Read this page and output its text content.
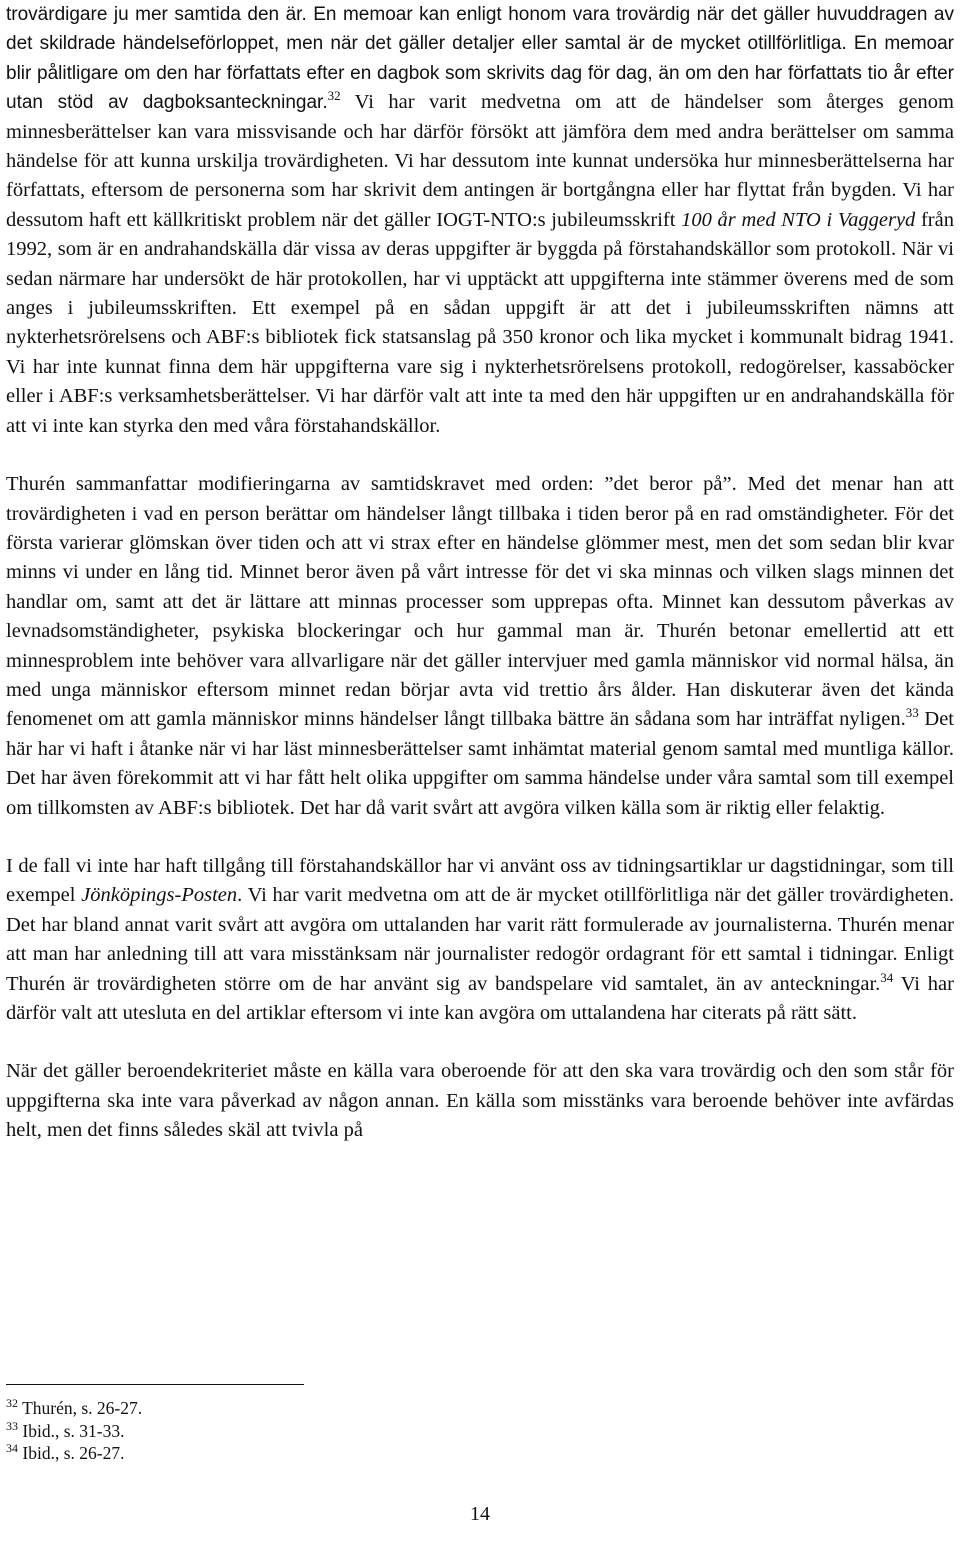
trovärdigare ju mer samtida den är. En memoar kan enligt honom vara trovärdig när det gäller huvuddragen av det skildrade händelseförloppet, men när det gäller detaljer eller samtal är de mycket otillförlitliga. En memoar blir pålitligare om den har författats efter en dagbok som skrivits dag för dag, än om den har författats tio år efter utan stöd av dagboksanteckningar.$^{32}$ Vi har varit medvetna om att de händelser som återges genom minnesberättelser kan vara missvisande och har därför försökt att jämföra dem med andra berättelser om samma händelse för att kunna urskilja trovärdigheten. Vi har dessutom inte kunnat undersöka hur minnesberättelserna har författats, eftersom de personerna som har skrivit dem antingen är bortgångna eller har flyttat från bygden. Vi har dessutom haft ett källkritiskt problem när det gäller IOGT-NTO:s jubileumsskrift 100 år med NTO i Vaggeryd från 1992, som är en andrahandskälla där vissa av deras uppgifter är byggda på förstahandskällor som protokoll. När vi sedan närmare har undersökt de här protokollen, har vi upptäckt att uppgifterna inte stämmer överens med de som anges i jubileumsskriften. Ett exempel på en sådan uppgift är att det i jubileumsskriften nämns att nykterhetsrörelsens och ABF:s bibliotek fick statsanslag på 350 kronor och lika mycket i kommunalt bidrag 1941. Vi har inte kunnat finna dem här uppgifterna vare sig i nykterhetsrörelsens protokoll, redogörelser, kassaböcker eller i ABF:s verksamhetsberättelser. Vi har därför valt att inte ta med den här uppgiften ur en andrahandskälla för att vi inte kan styrka den med våra förstahandskällor.

Thurén sammanfattar modifieringarna av samtidskravet med orden: ”det beror på”. Med det menar han att trovärdigheten i vad en person berättar om händelser långt tillbaka i tiden beror på en rad omständigheter. För det första varierar glömskan över tiden och att vi strax efter en händelse glömmer mest, men det som sedan blir kvar minns vi under en lång tid. Minnet beror även på vårt intresse för det vi ska minnas och vilken slags minnen det handlar om, samt att det är lättare att minnas processer som upprepas ofta. Minnet kan dessutom påverkas av levnadsomständigheter, psykiska blockeringar och hur gammal man är. Thurén betonar emellertid att ett minnesproblem inte behöver vara allvarligare när det gäller intervjuer med gamla människor vid normal hälsa, än med unga människor eftersom minnet redan börjar avta vid trettio års ålder. Han diskuterar även det kända fenomenet om att gamla människor minns händelser långt tillbaka bättre än sådana som har inträffat nyligen.$^{33}$ Det här har vi haft i åtanke när vi har läst minnesberättelser samt inhämtat material genom samtal med muntliga källor. Det har även förekommit att vi har fått helt olika uppgifter om samma händelse under våra samtal som till exempel om tillkomsten av ABF:s bibliotek. Det har då varit svårt att avgöra vilken källa som är riktig eller felaktig.

I de fall vi inte har haft tillgång till förstahandskällor har vi använt oss av tidningsartiklar ur dagstidningar, som till exempel Jönköpings-Posten. Vi har varit medvetna om att de är mycket otillförlitliga när det gäller trovärdigheten. Det har bland annat varit svårt att avgöra om uttalanden har varit rätt formulerade av journalisterna. Thurén menar att man har anledning till att vara misstänksam när journalister redogör ordagrant för ett samtal i tidningar. Enligt Thurén är trovärdigheten större om de har använt sig av bandspelare vid samtalet, än av anteckningar.$^{34}$ Vi har därför valt att utesluta en del artiklar eftersom vi inte kan avgöra om uttalandena har citerats på rätt sätt.

När det gäller beroendekriteriet måste en källa vara oberoende för att den ska vara trovärdig och den som står för uppgifterna ska inte vara påverkad av någon annan. En källa som misstänks vara beroende behöver inte avfärdas helt, men det finns således skäl att tvivla på

$^{32}$ Thurén, s. 26-27.
$^{33}$ Ibid., s. 31-33.
$^{34}$ Ibid., s. 26-27.
14
